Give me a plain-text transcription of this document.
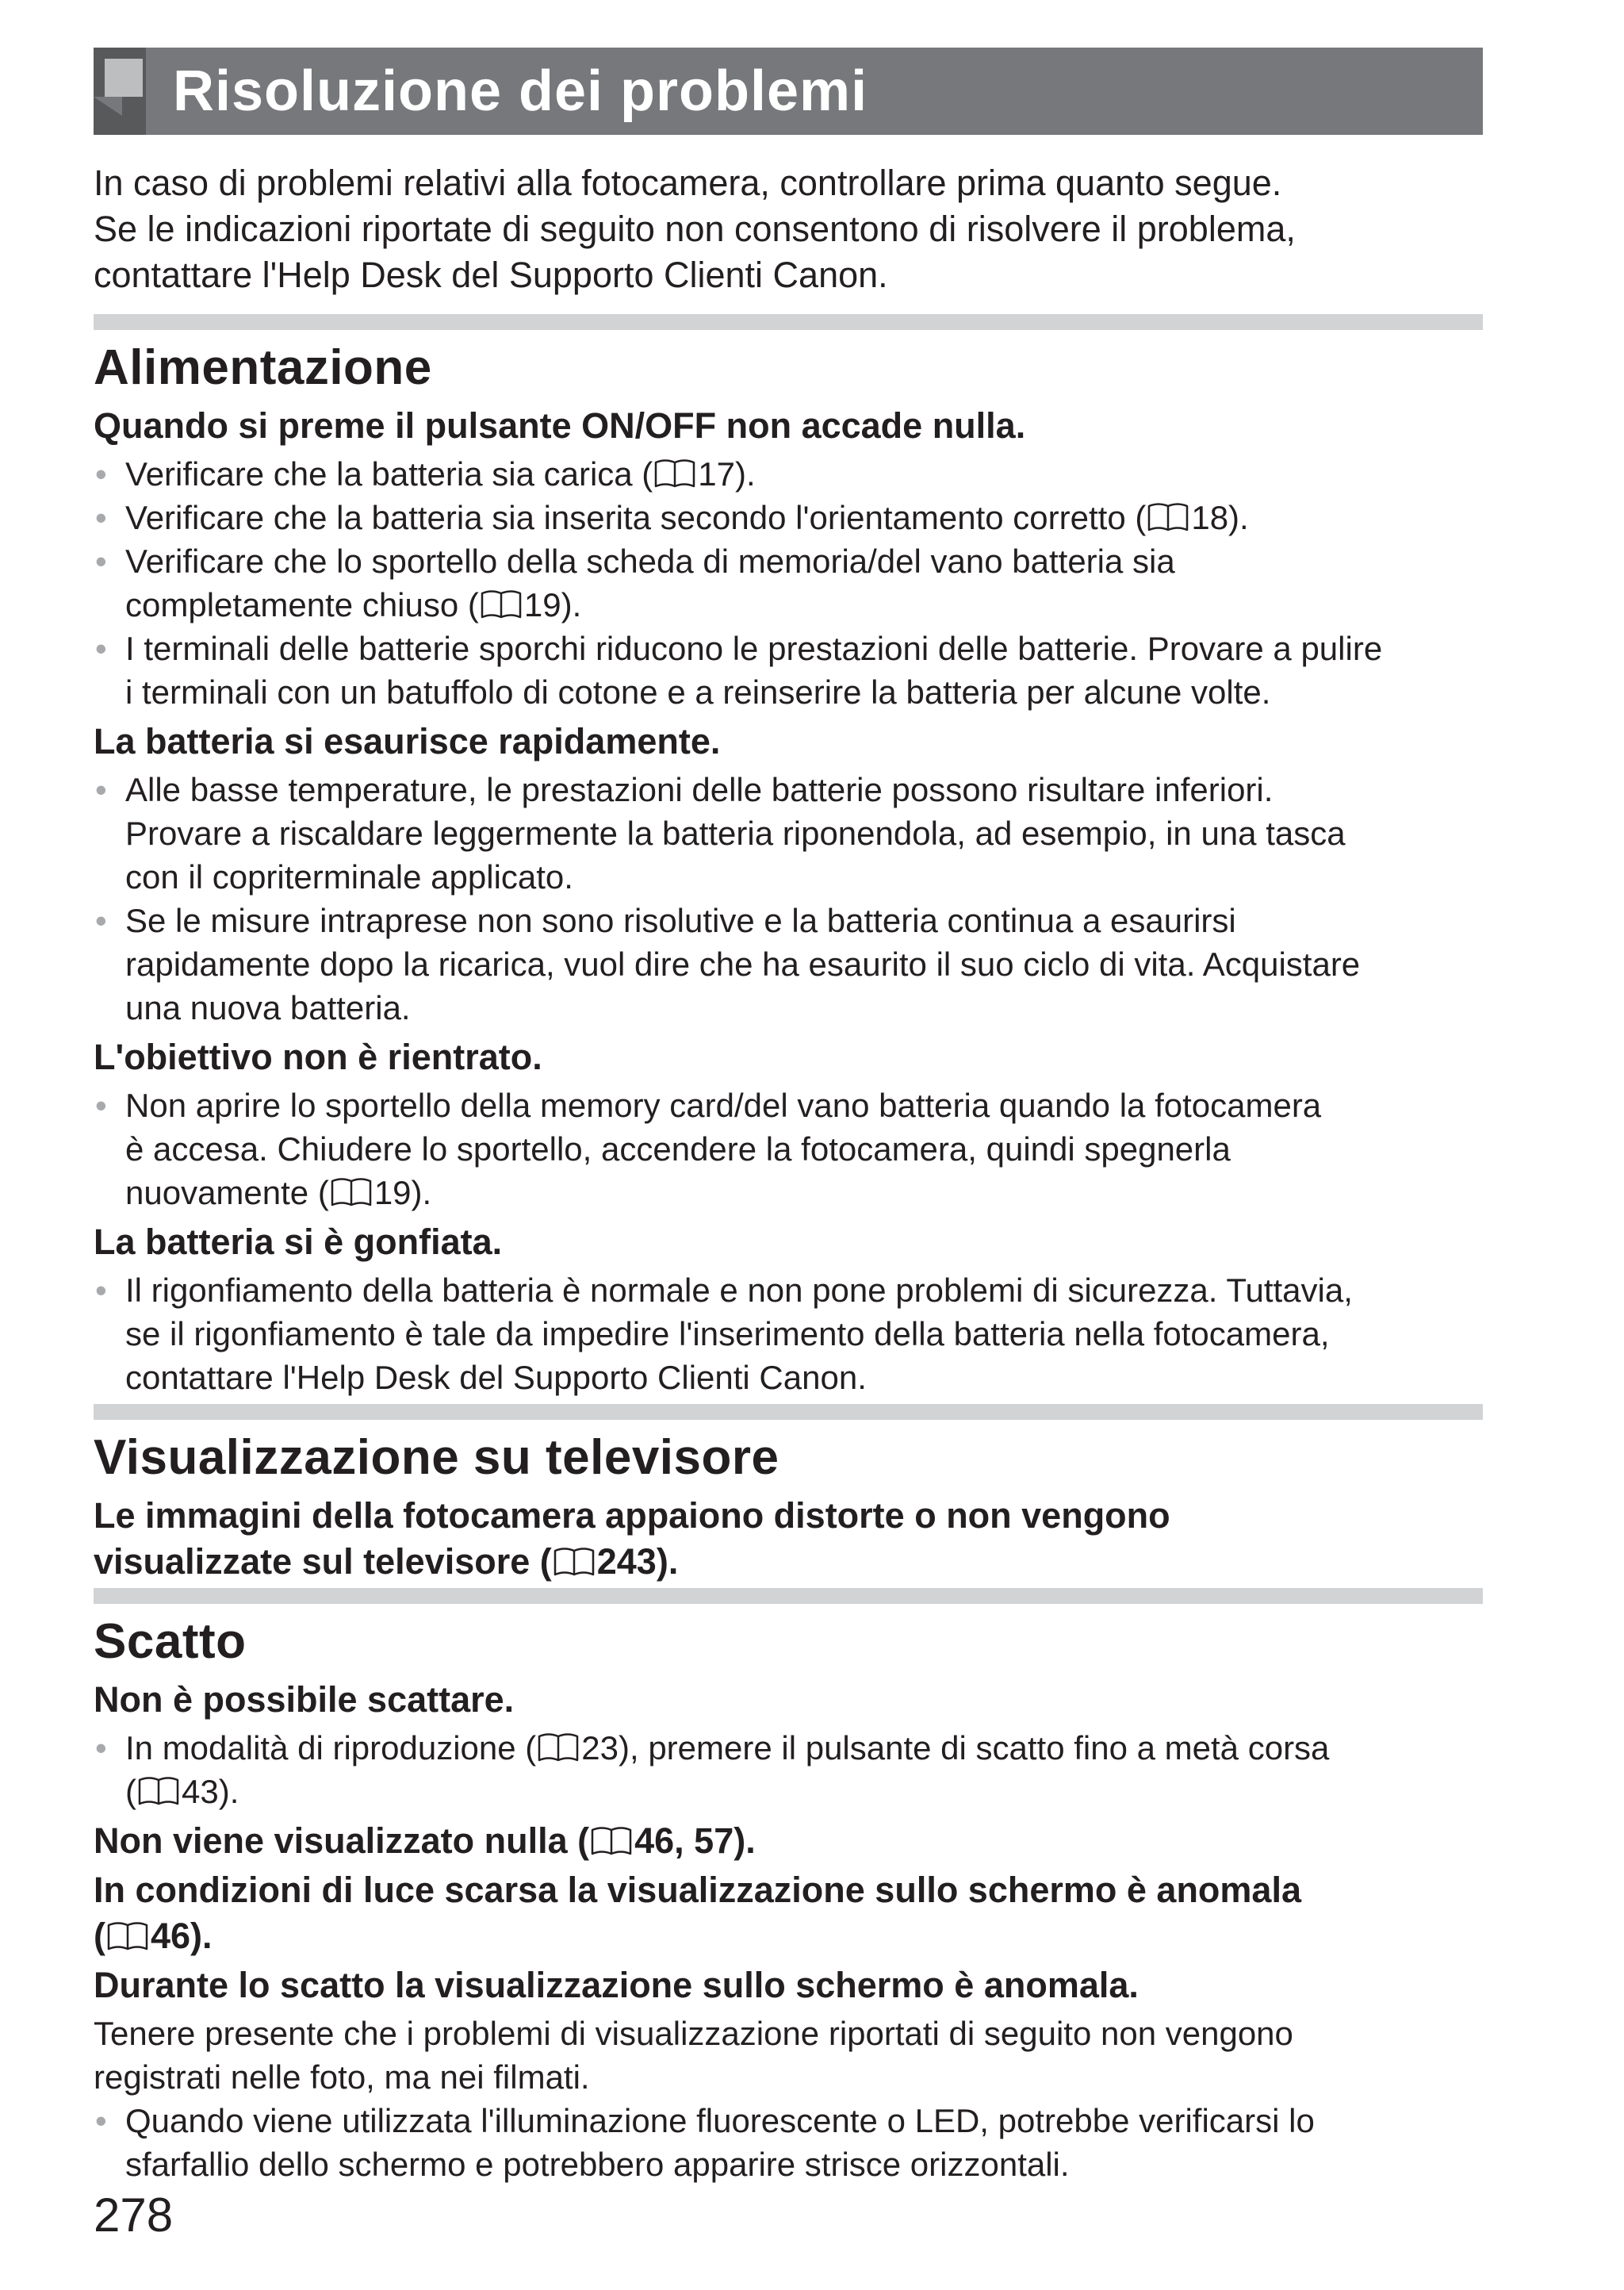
Risoluzione dei problemi

In caso di problemi relativi alla fotocamera, controllare prima quanto segue.

Se le indicazioni riportate di seguito non consentono di risolvere il problema,

contattare l'Help Desk del Supporto Clienti Canon.

Alimentazione
Quando si preme il pulsante ON/OFF non accade nulla.
• Verificare che la batteria sia carica ( 17).
• Verificare che la batteria sia inserita secondo l'orientamento corretto ( 18).
• Verificare che lo sportello della scheda di memoria/del vano batteria sia
completamente chiuso ( 19).
• I terminali delle batterie sporchi riducono le prestazioni delle batterie. Provare a pulire
i terminali con un batuffolo di cotone e a reinserire la batteria per alcune volte.
La batteria si esaurisce rapidamente.
• Alle basse temperature, le prestazioni delle batterie possono risultare inferiori.
Provare a riscaldare leggermente la batteria riponendola, ad esempio, in una tasca
con il copriterminale applicato.
• Se le misure intraprese non sono risolutive e la batteria continua a esaurirsi
rapidamente dopo la ricarica, vuol dire che ha esaurito il suo ciclo di vita. Acquistare
una nuova batteria.
L'obiettivo non è rientrato.
• Non aprire lo sportello della memory card/del vano batteria quando la fotocamera
è accesa. Chiudere lo sportello, accendere la fotocamera, quindi spegnerla
nuovamente ( 19).
La batteria si è gonfiata.
• Il rigonfiamento della batteria è normale e non pone problemi di sicurezza. Tuttavia,
se il rigonfiamento è tale da impedire l'inserimento della batteria nella fotocamera,
contattare l'Help Desk del Supporto Clienti Canon.
Visualizzazione su televisore
Le immagini della fotocamera appaiono distorte o non vengono
visualizzate sul televisore ( 243).
Scatto
Non è possibile scattare.
• In modalità di riproduzione ( 23), premere il pulsante di scatto fino a metà corsa
( 43).
Non viene visualizzato nulla ( 46, 57).
In condizioni di luce scarsa la visualizzazione sullo schermo è anomala
( 46).
Durante lo scatto la visualizzazione sullo schermo è anomala.

Tenere presente che i problemi di visualizzazione riportati di seguito non vengono
registrati nelle foto, ma nei filmati.

• Quando viene utilizzata l'illuminazione fluorescente o LED, potrebbe verificarsi lo
sfarfallio dello schermo e potrebbero apparire strisce orizzontali.
278
